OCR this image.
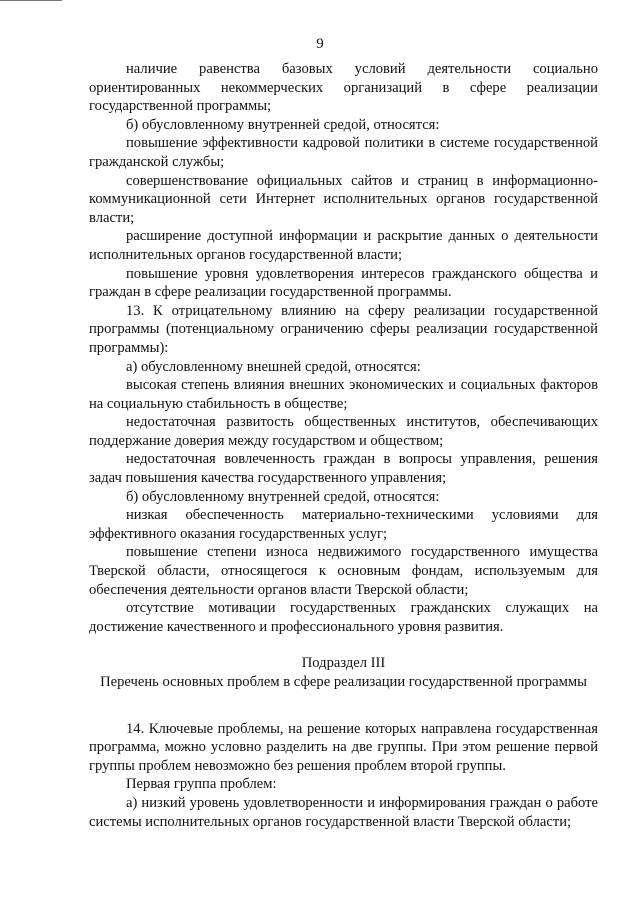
9

наличие равенства базовых условий деятельности социально ориентированных некоммерческих организаций в сфере реализации государственной программы;

б) обусловленному внутренней средой, относятся:

повышение эффективности кадровой политики в системе государственной гражданской службы;

совершенствование официальных сайтов и страниц в информационно-коммуникационной сети Интернет исполнительных органов государственной власти;

расширение доступной информации и раскрытие данных о деятельности исполнительных органов государственной власти;

повышение уровня удовлетворения интересов гражданского общества и граждан в сфере реализации государственной программы.

13. К отрицательному влиянию на сферу реализации государственной программы (потенциальному ограничению сферы реализации государственной программы):

а) обусловленному внешней средой, относятся:

высокая степень влияния внешних экономических и социальных факторов на социальную стабильность в обществе;

недостаточная развитость общественных институтов, обеспечивающих поддержание доверия между государством и обществом;

недостаточная вовлеченность граждан в вопросы управления, решения задач повышения качества государственного управления;

б) обусловленному внутренней средой, относятся:

низкая обеспеченность материально-техническими условиями для эффективного оказания государственных услуг;

повышение степени износа недвижимого государственного имущества Тверской области, относящегося к основным фондам, используемым для обеспечения деятельности органов власти Тверской области;

отсутствие мотивации государственных гражданских служащих на достижение качественного и профессионального уровня развития.

Подраздел III

Перечень основных проблем в сфере реализации государственной программы

14. Ключевые проблемы, на решение которых направлена государственная программа, можно условно разделить на две группы. При этом решение первой группы проблем невозможно без решения проблем второй группы.

Первая группа проблем:

а) низкий уровень удовлетворенности и информирования граждан о работе системы исполнительных органов государственной власти Тверской области;
